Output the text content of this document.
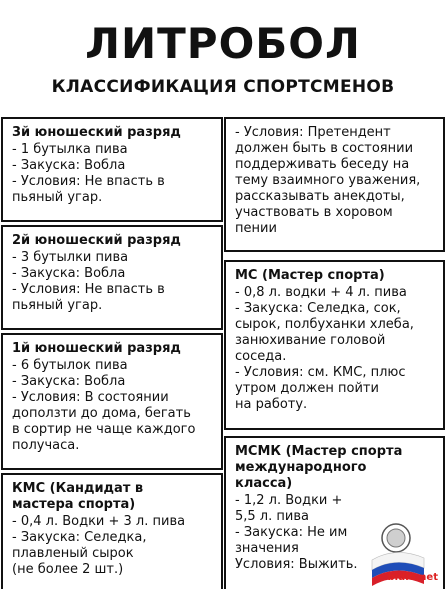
ЛИТРОБОЛ
КЛАССИФИКАЦИЯ СПОРТСМЕНОВ
3й юношеский разряд
- 1 бутылка пива
- Закуска: Вобла
- Условия: Не впасть в
пьяный угар.
2й юношеский разряд
- 3 бутылки пива
- Закуска: Вобла
- Условия: Не впасть в
пьяный угар.
1й юношеский разряд
- 6 бутылок пива
- Закуска: Вобла
- Условия: В состоянии
доползти до дома, бегать
в сортир не чаще каждого
получаса.
КМС (Кандидат в
мастера спорта)
- 0,4 л. Водки + 3 л. пива
- Закуска: Селедка,
плавленый сырок
(не более 2 шт.)
- Условия: Претендент
должен быть в состоянии
поддерживать беседу на
тему взаимного уважения,
рассказывать анекдоты,
участвовать в хоровом
пении
МС (Мастер спорта)
- 0,8 л. водки + 4 л. пива
- Закуска: Селедка, сок,
сырок, полбуханки хлеба,
занюхивание головой
соседа.
- Условия: см. КМС, плюс
утром должен пойти
на работу.
МСМК (Мастер спорта
международного
класса)
- 1,2 л. Водки +
5,5 л. пива
- Закуска: Не им
значения
Условия: Выжить.
bidlo.net
